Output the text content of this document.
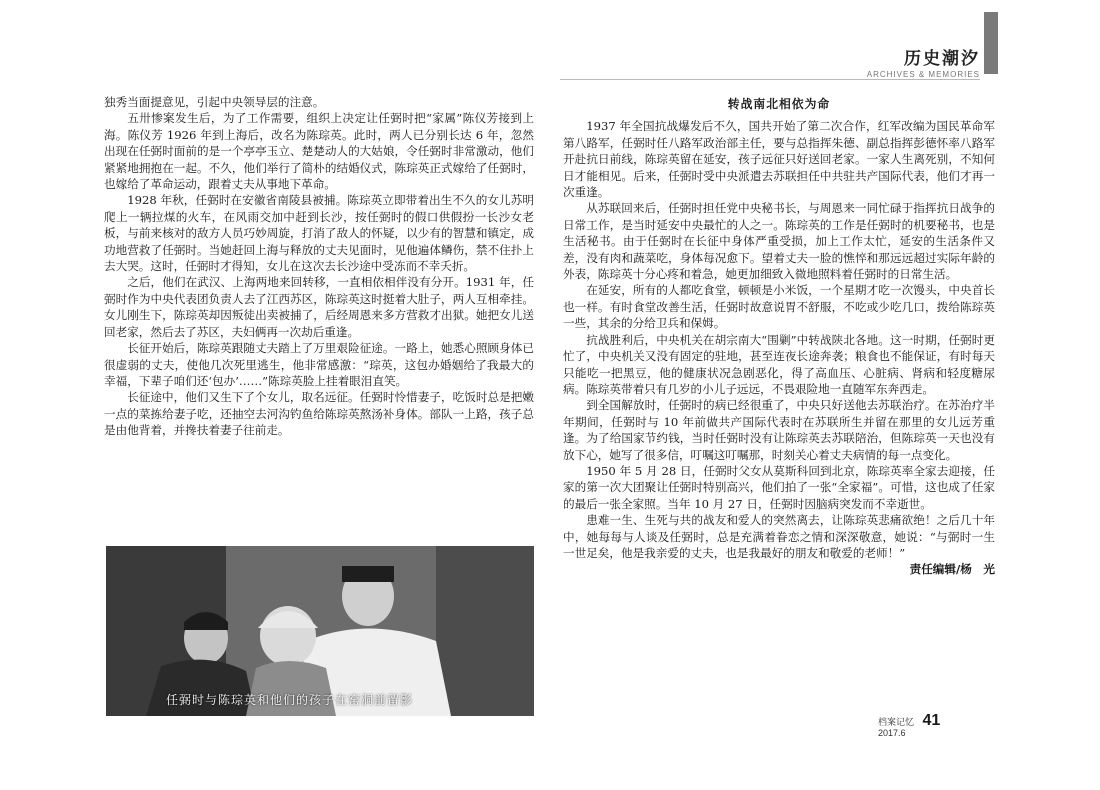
历史潮汐
ARCHIVES & MEMORIES

独秀当面提意见，引起中央领导层的注意。

五卅惨案发生后，为了工作需要，组织上决定让任弼时把“家属”陈仪芳接到上海。陈仪芳 1926 年到上海后，改名为陈琮英。此时，两人已分别长达 6 年，忽然出现在任弼时面前的是一个亭亭玉立、楚楚动人的大姑娘，令任弼时非常激动，他们紧紧地拥抱在一起。不久，他们举行了简朴的结婚仪式，陈琮英正式嫁给了任弼时，也嫁给了革命运动，跟着丈夫从事地下革命。

1928 年秋，任弼时在安徽省南陵县被捕。陈琮英立即带着出生不久的女儿苏明爬上一辆拉煤的火车，在风雨交加中赶到长沙，按任弼时的假口供假扮一长沙女老板，与前来核对的敌方人员巧妙周旋，打消了敌人的怀疑，以少有的智慧和镇定，成功地营救了任弼时。当她赶回上海与释放的丈夫见面时，见他遍体鳞伤，禁不住扑上去大哭。这时，任弼时才得知，女儿在这次去长沙途中受冻而不幸夭折。

之后，他们在武汉、上海两地来回转移，一直相依相伴没有分开。1931 年，任弼时作为中央代表团负责人去了江西苏区，陈琮英这时挺着大肚子，两人互相牵挂。女儿刚生下，陈琮英却因叛徒出卖被捕了，后经周恩来多方营救才出狱。她把女儿送回老家，然后去了苏区，夫妇俩再一次劫后重逢。

长征开始后，陈琮英跟随丈夫踏上了万里艰险征途。一路上，她悉心照顾身体已很虚弱的丈夫，使他几次死里逃生，他非常感激：“琮英，这包办婚姻给了我最大的幸福，下辈子咱们还‘包办’……”陈琮英脸上挂着眼泪直笑。

长征途中，他们又生下了个女儿，取名远征。任弼时怜惜妻子，吃饭时总是把嫩一点的菜拣给妻子吃，还抽空去河沟钓鱼给陈琮英熬汤补身体。部队一上路，孩子总是由他背着，并搀扶着妻子往前走。

任弼时与陈琮英和他们的孩子在窑洞前留影
转战南北相依为命

1937 年全国抗战爆发后不久，国共开始了第二次合作，红军改编为国民革命军第八路军，任弼时任八路军政治部主任，要与总指挥朱德、副总指挥彭德怀率八路军开赴抗日前线，陈琮英留在延安，孩子远征只好送回老家。一家人生离死别，不知何日才能相见。后来，任弼时受中央派遣去苏联担任中共驻共产国际代表，他们才再一次重逢。

从苏联回来后，任弼时担任党中央秘书长，与周恩来一同忙碌于指挥抗日战争的日常工作，是当时延安中央最忙的人之一。陈琮英的工作是任弼时的机要秘书，也是生活秘书。由于任弼时在长征中身体严重受损，加上工作太忙，延安的生活条件又差，没有肉和蔬菜吃，身体每况愈下。望着丈夫一脸的憔悴和那远远超过实际年龄的外表，陈琮英十分心疼和着急，她更加细致入微地照料着任弼时的日常生活。

在延安，所有的人都吃食堂，顿顿是小米饭，一个星期才吃一次馒头，中央首长也一样。有时食堂改善生活，任弼时故意说胃不舒服，不吃或少吃几口，拨给陈琮英一些，其余的分给卫兵和保姆。

抗战胜利后，中央机关在胡宗南大“围剿”中转战陕北各地。这一时期，任弼时更忙了，中央机关又没有固定的驻地，甚至连夜长途奔袭；粮食也不能保证，有时每天只能吃一把黑豆，他的健康状况急剧恶化，得了高血压、心脏病、肾病和轻度糖尿病。陈琮英带着只有几岁的小儿子远远，不畏艰险地一直随军东奔西走。

到全国解放时，任弼时的病已经很重了，中央只好送他去苏联治疗。在苏治疗半年期间，任弼时与 10 年前做共产国际代表时在苏联所生并留在那里的女儿远芳重逢。为了给国家节约钱，当时任弼时没有让陈琮英去苏联陪治，但陈琮英一天也没有放下心，她写了很多信，叮嘱这叮嘱那，时刻关心着丈夫病情的每一点变化。

1950 年 5 月 28 日，任弼时父女从莫斯科回到北京，陈琮英率全家去迎接，任家的第一次大团聚让任弼时特别高兴，他们拍了一张“全家福”。可惜，这也成了任家的最后一张全家照。当年 10 月 27 日，任弼时因脑病突发而不幸逝世。

患难一生、生死与共的战友和爱人的突然离去，让陈琮英悲痛欲绝！之后几十年中，她每每与人谈及任弼时，总是充满着眷恋之情和深深敬意，她说：“与弼时一生一世足矣，他是我亲爱的丈夫，也是我最好的朋友和敬爱的老师！”

责任编辑/杨　光
档案记忆 41
2017.6
